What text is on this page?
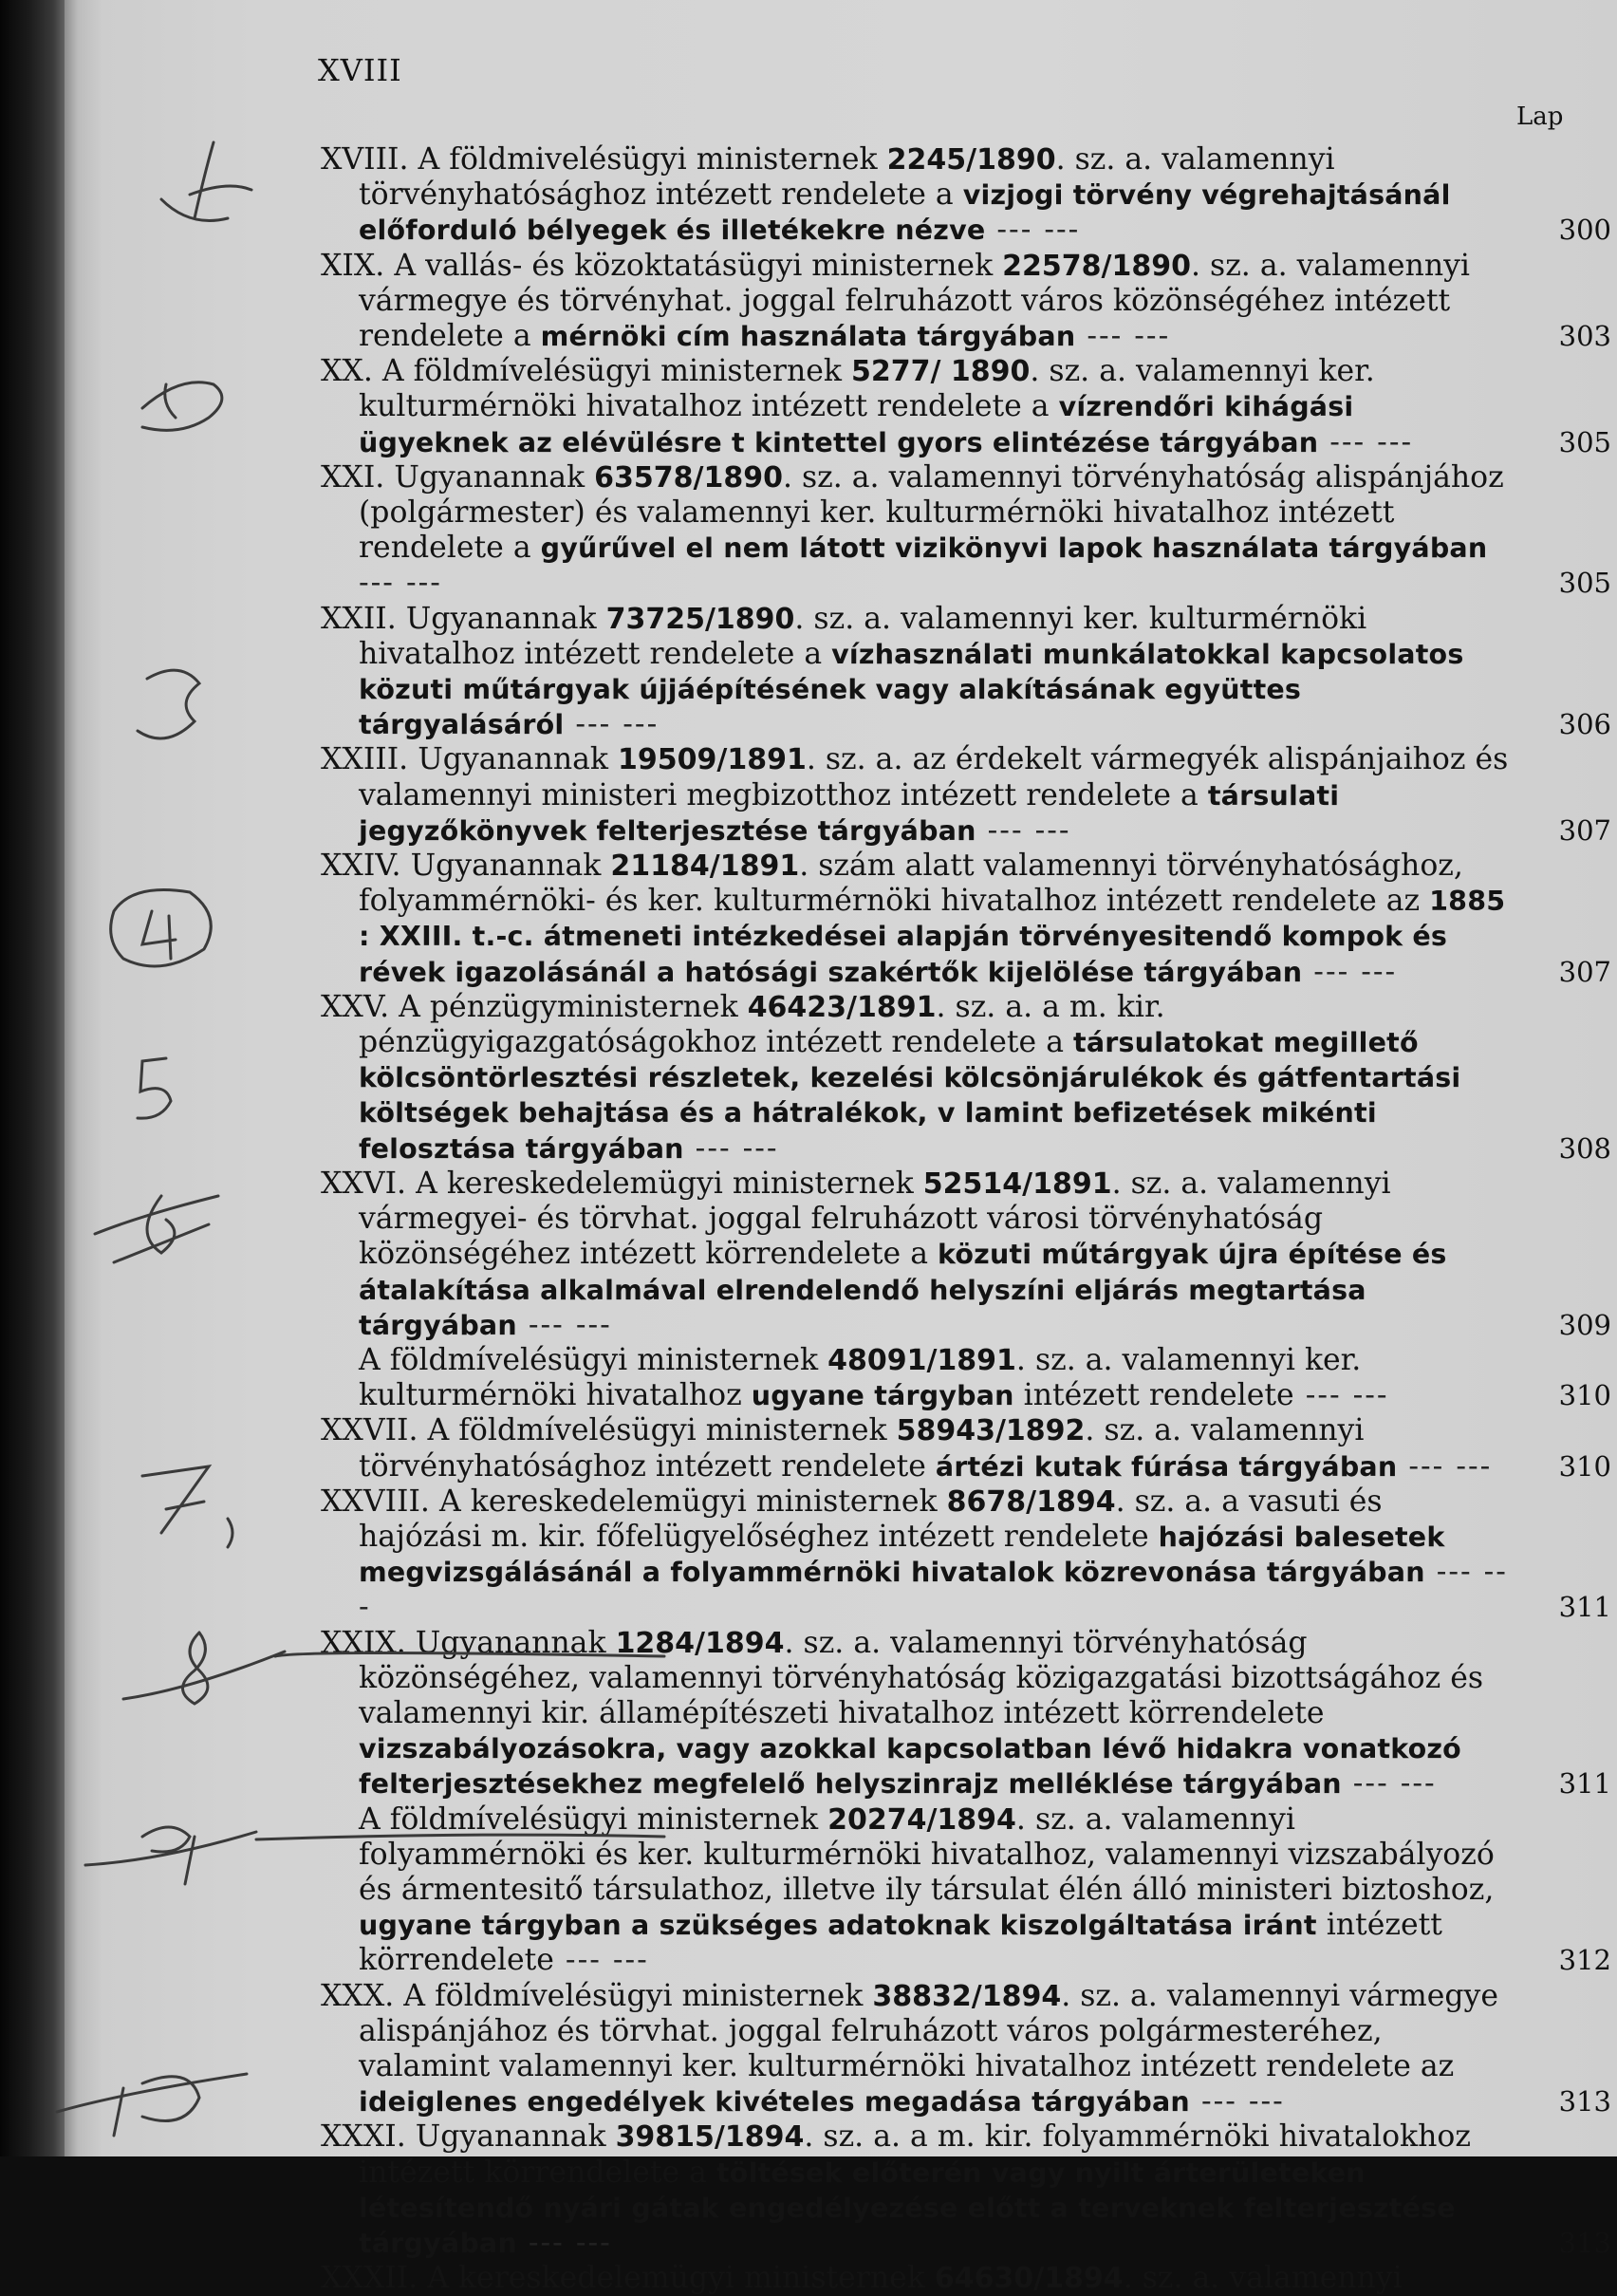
XVIII
Lap
XVIII. A földmivelésügyi ministernek 2245/1890. sz. a. valamennyi törvényhatósághoz intézett rendelete a vizjogi törvény végrehajtásánál előforduló bélyegek és illetékekre nézve --- ---	300
XIX. A vallás- és közoktatásügyi ministernek 22578/1890. sz. a. valamennyi vármegye és törvényhat. joggal felruházott város közönségéhez intézett rendelete a mérnöki cím használata tárgyában --- ---	303
XX. A földmívelésügyi ministernek 5277/ 1890. sz. a. valamennyi ker. kulturmérnöki hivatalhoz intézett rendelete a vízrendőri kihágási ügyeknek az elévülésre t kintettel gyors elintézése tárgyában --- ---	305
XXI. Ugyanannak 63578/1890. sz. a. valamennyi törvényhatóság alispánjához (polgármester) és valamennyi ker. kulturmérnöki hivatalhoz intézett rendelete a gyűrűvel el nem látott vizikönyvi lapok használata tárgyában --- ---	305
XXII. Ugyanannak 73725/1890. sz. a. valamennyi ker. kulturmérnöki hivatalhoz intézett rendelete a vízhasználati munkálatokkal kapcsolatos közuti műtárgyak újjáépítésének vagy alakításának együttes tárgyalásáról --- ---	306
XXIII. Ugyanannak 19509/1891. sz. a. az érdekelt vármegyék alispánjaihoz és valamennyi ministeri megbizotthoz intézett rendelete a társulati jegyzőkönyvek felterjesztése tárgyában --- ---	307
XXIV. Ugyanannak 21184/1891. szám alatt valamennyi törvényhatósághoz, folyammérnöki- és ker. kulturmérnöki hivatalhoz intézett rendelete az 1885 : XXIII. t.-c. átmeneti intézkedései alapján törvényesitendő kompok és révek igazolásánál a hatósági szakértők kijelölése tárgyában --- ---	307
XXV. A pénzügyministernek 46423/1891. sz. a. a m. kir. pénzügyigazgatóságokhoz intézett rendelete a társulatokat megillető kölcsöntörlesztési részletek, kezelési kölcsönjárulékok és gátfentartási költségek behajtása és a hátralékok, v lamint befizetések mikénti felosztása tárgyában --- ---	308
XXVI. A kereskedelemügyi ministernek 52514/1891. sz. a. valamennyi vármegyei- és törvhat. joggal felruházott városi törvényhatóság közönségéhez intézett körrendelete a közuti műtárgyak újra építése és átalakítása alkalmával elrendelendő helyszíni eljárás megtartása tárgyában --- ---	309
A földmívelésügyi ministernek 48091/1891. sz. a. valamennyi ker. kulturmérnöki hivatalhoz ugyane tárgyban intézett rendelete --- ---	310
XXVII. A földmívelésügyi ministernek 58943/1892. sz. a. valamennyi törvényhatósághoz intézett rendelete ártézi kutak fúrása tárgyában --- --- 310
XXVIII. A kereskedelemügyi ministernek 8678/1894. sz. a. a vasuti és hajózási m. kir. főfelügyelőséghez intézett rendelete hajózási balesetek megvizsgálásánál a folyammérnöki hivatalok közrevonása tárgyában --- ---	311
XXIX. Ugyanannak 1284/1894. sz. a. valamennyi törvényhatóság közönségéhez, valamennyi törvényhatóság közigazgatási bizottságához és valamennyi kir. államépítészeti hivatalhoz intézett körrendelete vizszabályozásokra, vagy azokkal kapcsolatban lévő hidakra vonatkozó felterjesztésekhez megfelelő helyszinrajz melléklése tárgyában --- ---	311
A földmívelésügyi ministernek 20274/1894. sz. a. valamennyi folyammérnöki és ker. kulturmérnöki hivatalhoz, valamennyi vizszabályozó és ármentesitő társulathoz, illetve ily társulat élén álló ministeri biztoshoz, ugyane tárgyban a szükséges adatoknak kiszolgáltatása iránt intézett körrendelete --- ---	312
XXX. A földmívelésügyi ministernek 38832/1894. sz. a. valamennyi vármegye alispánjához és törvhat. joggal felruházott város polgármesteréhez, valamint valamennyi ker. kulturmérnöki hivatalhoz intézett rendelete az ideiglenes engedélyek kivételes megadása tárgyában --- ---	313
XXXI. Ugyanannak 39815/1894. sz. a. a m. kir. folyammérnöki hivatalokhoz intézett körrendelete a töltések előterén vagy nyilt árterületeken létesítendő nyári gátak engedélyezése előtt a terveknek felterjesztése tárgyában --- ---	313
XXXII. A kereskedelemügyi ministernek 64630/1894. sz. a. valamennyi
